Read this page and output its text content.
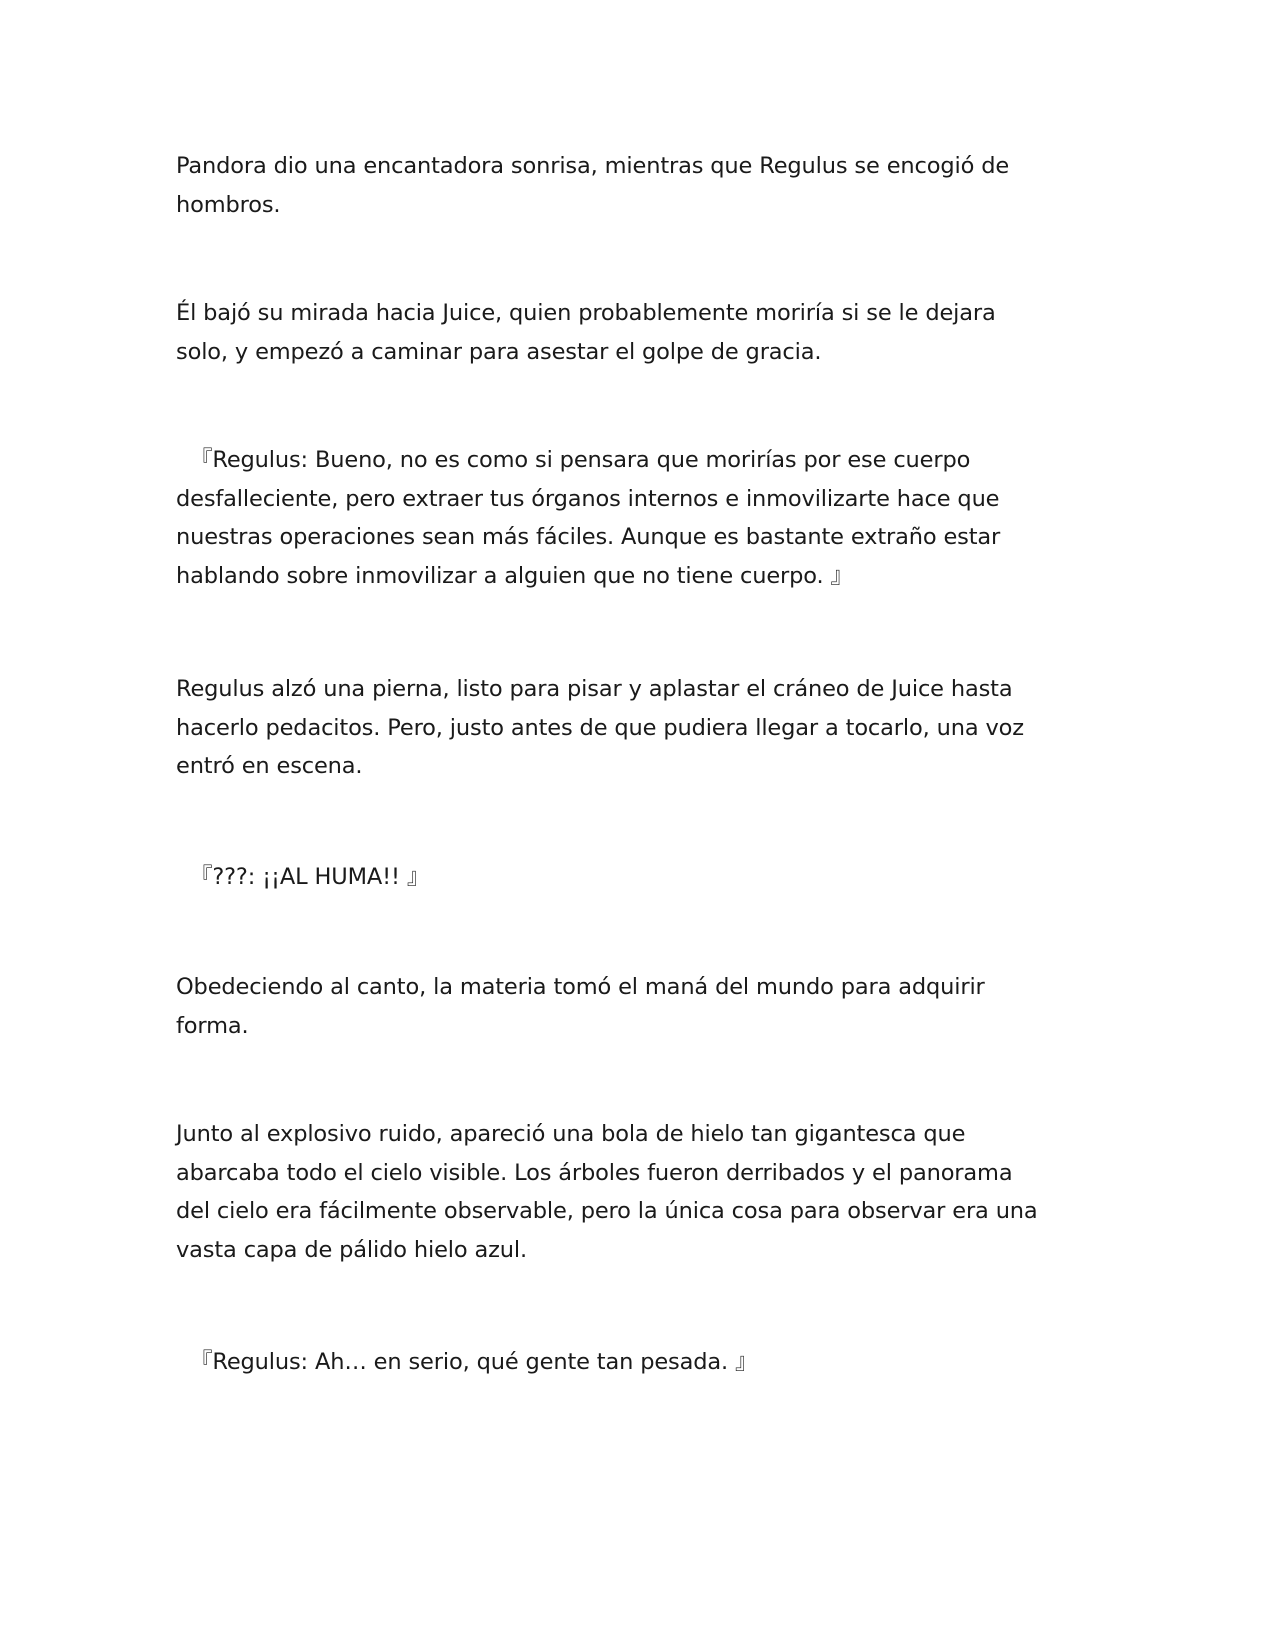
Pandora dio una encantadora sonrisa, mientras que Regulus se encogió de
hombros.

Él bajó su mirada hacia Juice, quien probablemente moriría si se le dejara
solo, y empezó a caminar para asestar el golpe de gracia.

『Regulus: Bueno, no es como si pensara que morirías por ese cuerpo
desfalleciente, pero extraer tus órganos internos e inmovilizarte hace que
nuestras operaciones sean más fáciles. Aunque es bastante extraño estar
hablando sobre inmovilizar a alguien que no tiene cuerpo. 』

Regulus alzó una pierna, listo para pisar y aplastar el cráneo de Juice hasta
hacerlo pedacitos. Pero, justo antes de que pudiera llegar a tocarlo, una voz
entró en escena.

『???: ¡¡AL HUMA!! 』

Obedeciendo al canto, la materia tomó el maná del mundo para adquirir
forma.

Junto al explosivo ruido, apareció una bola de hielo tan gigantesca que
abarcaba todo el cielo visible. Los árboles fueron derribados y el panorama
del cielo era fácilmente observable, pero la única cosa para observar era una
vasta capa de pálido hielo azul.

『Regulus: Ah… en serio, qué gente tan pesada. 』
